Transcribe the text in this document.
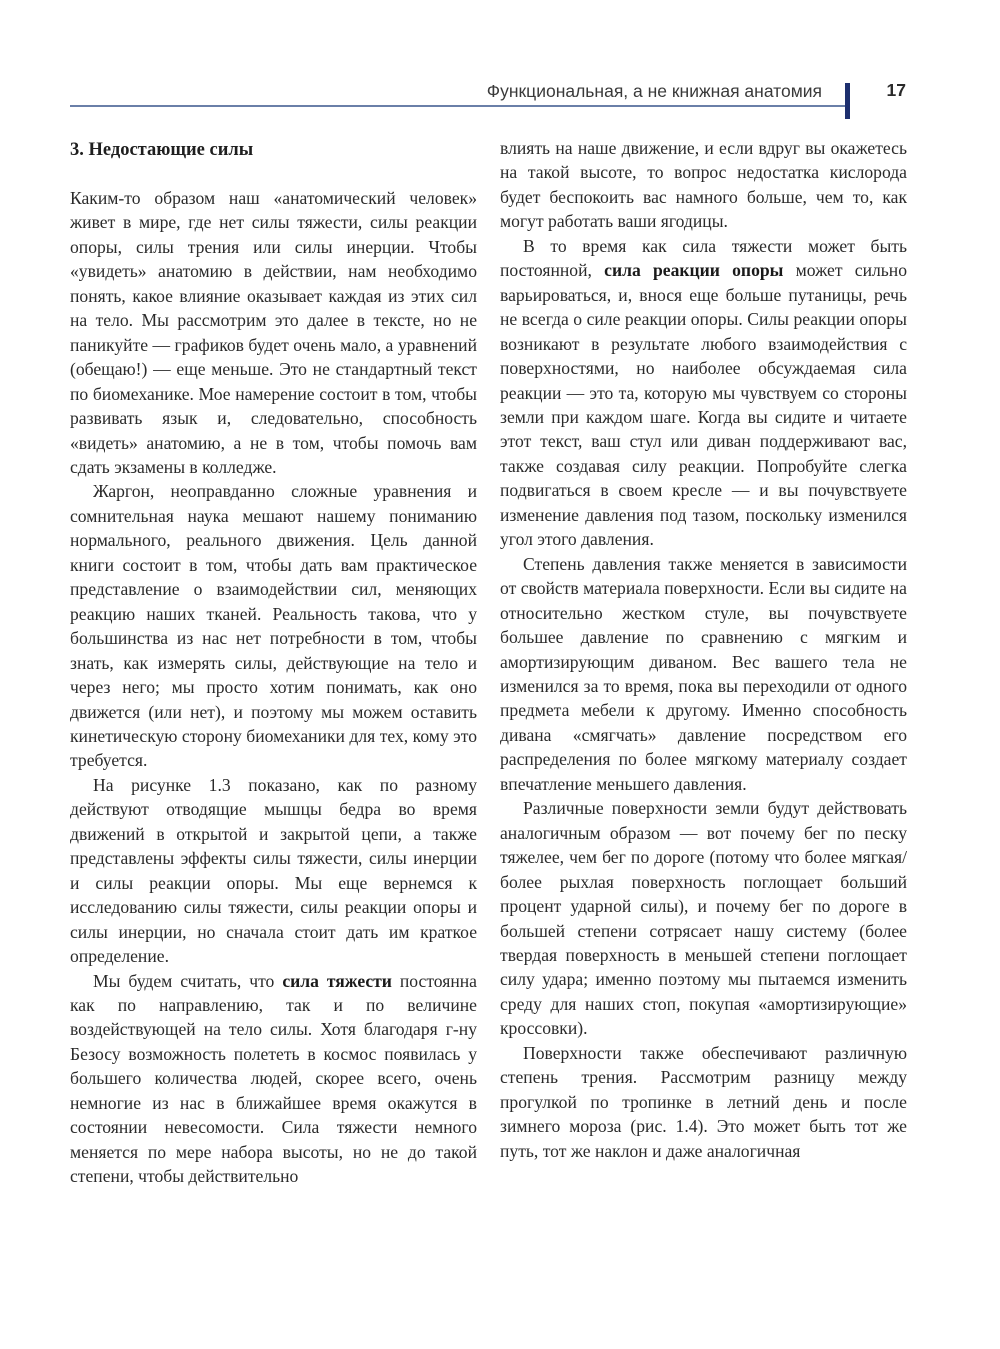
Функциональная, а не книжная анатомия	17
3. Недостающие силы

Каким-то образом наш «анатомический человек» живет в мире, где нет силы тяжести, силы реакции опоры, силы трения или силы инерции. Чтобы «увидеть» анатомию в действии, нам необходимо понять, какое влияние оказывает каждая из этих сил на тело. Мы рассмотрим это далее в тексте, но не паникуйте — графиков будет очень мало, а уравнений (обещаю!) — еще меньше. Это не стандартный текст по биомеханике. Мое намерение состоит в том, чтобы развивать язык и, следовательно, способность «видеть» анатомию, а не в том, чтобы помочь вам сдать экзамены в колледже.

Жаргон, неоправданно сложные уравнения и сомнительная наука мешают нашему пониманию нормального, реального движения. Цель данной книги состоит в том, чтобы дать вам практическое представление о взаимодействии сил, меняющих реакцию наших тканей. Реальность такова, что у большинства из нас нет потребности в том, чтобы знать, как измерять силы, действующие на тело и через него; мы просто хотим понимать, как оно движется (или нет), и поэтому мы можем оставить кинетическую сторону биомеханики для тех, кому это требуется.

На рисунке 1.3 показано, как по разному действуют отводящие мышцы бедра во время движений в открытой и закрытой цепи, а также представлены эффекты силы тяжести, силы инерции и силы реакции опоры. Мы еще вернемся к исследованию силы тяжести, силы реакции опоры и силы инерции, но сначала стоит дать им краткое определение.

Мы будем считать, что сила тяжести постоянна как по направлению, так и по величине воздействующей на тело силы. Хотя благодаря г-ну Безосу возможность полететь в космос появилась у большего количества людей, скорее всего, очень немногие из нас в ближайшее время окажутся в состоянии невесомости. Сила тяжести немного меняется по мере набора высоты, но не до такой степени, чтобы действительно

влиять на наше движение, и если вдруг вы окажетесь на такой высоте, то вопрос недостатка кислорода будет беспокоить вас намного больше, чем то, как могут работать ваши ягодицы.

В то время как сила тяжести может быть постоянной, сила реакции опоры может сильно варьироваться, и, внося еще больше путаницы, речь не всегда о силе реакции опоры. Силы реакции опоры возникают в результате любого взаимодействия с поверхностями, но наиболее обсуждаемая сила реакции — это та, которую мы чувствуем со стороны земли при каждом шаге. Когда вы сидите и читаете этот текст, ваш стул или диван поддерживают вас, также создавая силу реакции. Попробуйте слегка подвигаться в своем кресле — и вы почувствуете изменение давления под тазом, поскольку изменился угол этого давления.

Степень давления также меняется в зависимости от свойств материала поверхности. Если вы сидите на относительно жестком стуле, вы почувствуете большее давление по сравнению с мягким и амортизирующим диваном. Вес вашего тела не изменился за то время, пока вы переходили от одного предмета мебели к другому. Именно способность дивана «смягчать» давление посредством его распределения по более мягкому материалу создает впечатление меньшего давления.

Различные поверхности земли будут действовать аналогичным образом — вот почему бег по песку тяжелее, чем бег по дороге (потому что более мягкая/более рыхлая поверхность поглощает больший процент ударной силы), и почему бег по дороге в большей степени сотрясает нашу систему (более твердая поверхность в меньшей степени поглощает силу удара; именно поэтому мы пытаемся изменить среду для наших стоп, покупая «амортизирующие» кроссовки).

Поверхности также обеспечивают различную степень трения. Рассмотрим разницу между прогулкой по тропинке в летний день и после зимнего мороза (рис. 1.4). Это может быть тот же путь, тот же наклон и даже аналогичная
